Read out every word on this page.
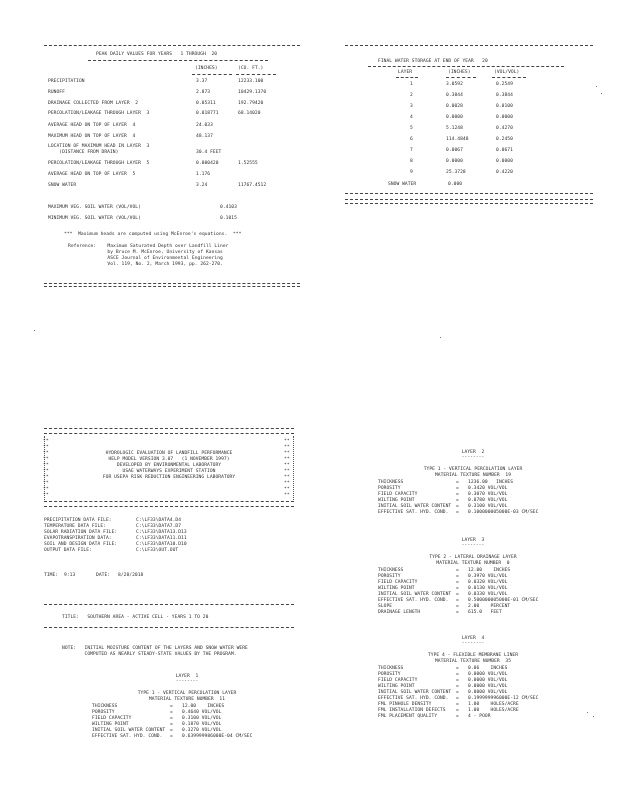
PEAK DAILY VALUES FOR YEARS   1 THROUGH  20
(INCHES)	(CU. FT.)
PRECIPITATION	3.37	12233.100
RUNOFF	2.873	10429.1370
DRAINAGE COLLECTED FROM LAYER  2	0.05311	192.79420
PERCOLATION/LEAKAGE THROUGH LAYER  3	0.018771	68.14020
AVERAGE HEAD ON TOP OF LAYER  4	24.033
MAXIMUM HEAD ON TOP OF LAYER  4	48.137
LOCATION OF MAXIMUM HEAD IN LAYER  3
(DISTANCE FROM DRAIN)	30.4 FEET
PERCOLATION/LEAKAGE THROUGH LAYER  5	0.000420	1.52555
AVERAGE HEAD ON TOP OF LAYER  5	1.176
SNOW WATER	3.24	11767.4512
MAXIMUM VEG. SOIL WATER (VOL/VOL)	0.4103
MINIMUM VEG. SOIL WATER (VOL/VOL)	0.1015
***  Maximum heads are computed using McEnroe's equations.  ***
Reference:    Maximum Saturated Depth over Landfill Liner
by Bruce M. McEnroe, University of Kansas
ASCE Journal of Environmental Engineering
Vol. 119, No. 2, March 1993, pp. 262-270.
FINAL WATER STORAGE AT END OF YEAR   20
LAYER	(INCHES)	(VOL/VOL)
1	3.0592	0.2549
2	0.3844	0.3844
3	0.0028	0.0100
4	0.0000	0.0000
5	5.1248	0.4270
6	114.4848	0.2450
7	0.0067	0.0671
8	0.0000	0.0000
9	25.3728	0.4220
SNOW WATER	0.000
HYDROLOGIC EVALUATION OF LANDFILL PERFORMANCE
HELP MODEL VERSION 3.07   (1 NOVEMBER 1997)
DEVELOPED BY ENVIRONMENTAL LABORATORY
USAE WATERWAYS EXPERIMENT STATION
FOR USEPA RISK REDUCTION ENGINEERING LABORATORY
**	**
**	**
**	**
**	**
**	**
**	**
**	**
**	**
**	**
**	**
PRECIPITATION DATA FILE:	C:\LF33\DATA4.D4
TEMPERATURE DATA FILE:	C:\LF33\DATA7.D7
SOLAR RADIATION DATA FILE:	C:\LF33\DATA13.D13
EVAPOTRANSPIRATION DATA:	C:\LF33\DATA11.D11
SOIL AND DESIGN DATA FILE:	C:\LF33\DATA10.D10
OUTPUT DATA FILE:	C:\LF33\OUT.OUT
TIME: 9:13	DATE: 8/28/2018
TITLE:   SOUTHERN AREA - ACTIVE CELL - YEARS 1 TO 20
NOTE:   INITIAL MOISTURE CONTENT OF THE LAYERS AND SNOW WATER WERE
COMPUTED AS NEARLY STEADY-STATE VALUES BY THE PROGRAM.
LAYER  1
--------
TYPE 1 - VERTICAL PERCOLATION LAYER
MATERIAL TEXTURE NUMBER  11
THICKNESS	= 12.00    INCHES
POROSITY	= 0.4640 VOL/VOL
FIELD CAPACITY	= 0.3100 VOL/VOL
WILTING POINT	= 0.1870 VOL/VOL
INITIAL SOIL WATER CONTENT = 0.3270 VOL/VOL
EFFECTIVE SAT. HYD. COND. = 0.639999986000E-04 CM/SEC
LAYER  2
--------
TYPE 1 - VERTICAL PERCOLATION LAYER
MATERIAL TEXTURE NUMBER  19
THICKNESS	= 1236.00   INCHES
POROSITY	= 0.3420 VOL/VOL
FIELD CAPACITY	= 0.3070 VOL/VOL
WILTING POINT	= 0.0780 VOL/VOL
INITIAL SOIL WATER CONTENT = 0.3100 VOL/VOL
EFFECTIVE SAT. HYD. COND. = 0.100000005000E-03 CM/SEC
LAYER  3
--------
TYPE 2 - LATERAL DRAINAGE LAYER
MATERIAL TEXTURE NUMBER  0
THICKNESS	= 12.00    INCHES
POROSITY	= 0.3970 VOL/VOL
FIELD CAPACITY	= 0.0320 VOL/VOL
WILTING POINT	= 0.0130 VOL/VOL
INITIAL SOIL WATER CONTENT = 0.0330 VOL/VOL
EFFECTIVE SAT. HYD. COND. = 0.500000005000E-01 CM/SEC
SLOPE	= 2.00    PERCENT
DRAINAGE LENGTH	= 615.0   FEET
LAYER  4
--------
TYPE 4 - FLEXIBLE MEMBRANE LINER
MATERIAL TEXTURE NUMBER  35
THICKNESS	= 0.06    INCHES
POROSITY	= 0.0000 VOL/VOL
FIELD CAPACITY	= 0.0000 VOL/VOL
WILTING POINT	= 0.0000 VOL/VOL
INITIAL SOIL WATER CONTENT = 0.0000 VOL/VOL
EFFECTIVE SAT. HYD. COND. = 0.199999996000E-12 CM/SEC
FML PINHOLE DENSITY	= 1.00    HOLES/ACRE
FML INSTALLATION DEFECTS = 1.00    HOLES/ACRE
FML PLACEMENT QUALITY	= 4 - POOR
